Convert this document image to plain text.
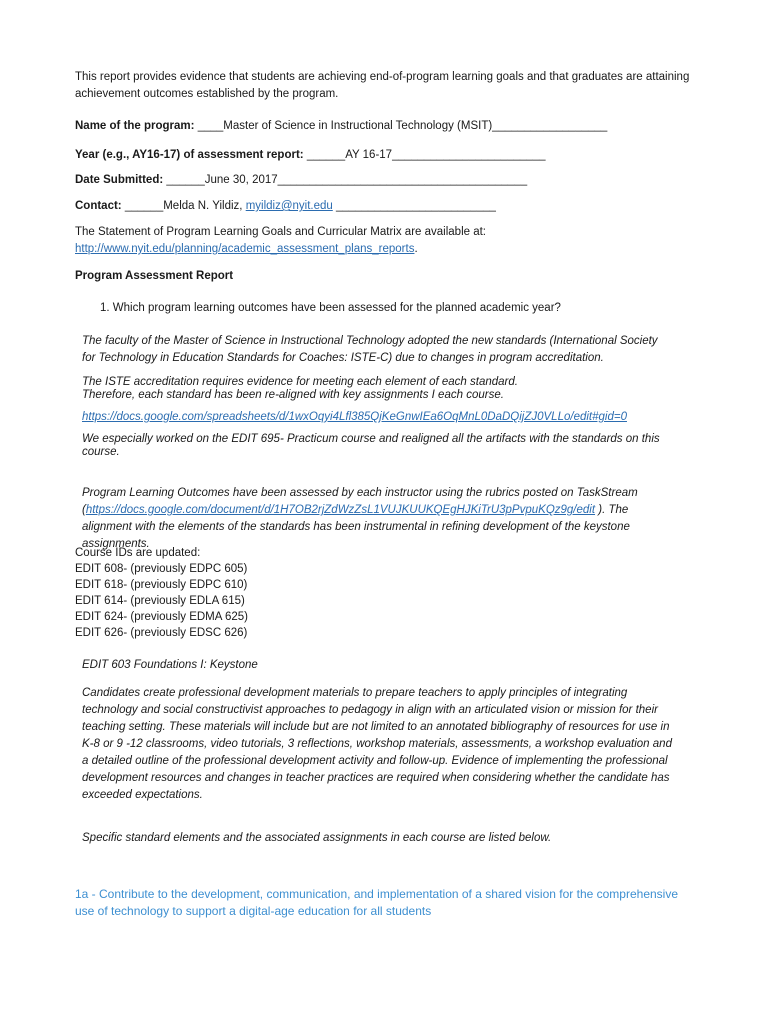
This report provides evidence that students are achieving end-of-program learning goals and that graduates are attaining achievement outcomes established by the program.
Name of the program: ____Master of Science in Instructional Technology (MSIT)__________________
Year (e.g., AY16-17) of assessment report: ______AY 16-17________________________
Date Submitted: ______June 30, 2017_______________________________________
Contact: ______Melda N. Yildiz, myildiz@nyit.edu _________________________
The Statement of Program Learning Goals and Curricular Matrix are available at:
http://www.nyit.edu/planning/academic_assessment_plans_reports.
Program Assessment Report
1. Which program learning outcomes have been assessed for the planned academic year?
The faculty of the Master of Science in Instructional Technology adopted the new standards (International Society for Technology in Education Standards for Coaches: ISTE-C) due to changes in program accreditation.
The ISTE accreditation requires evidence for meeting each element of each standard.
Therefore, each standard has been re-aligned with key assignments I each course.
https://docs.google.com/spreadsheets/d/1wxOqyi4Lfl385QjKeGnwIEa6OqMnL0DaDQijZJ0VLLo/edit#gid=0
We especially worked on the EDIT 695- Practicum course and realigned all the artifacts with the standards on this course.
Program Learning Outcomes have been assessed by each instructor using the rubrics posted on TaskStream (https://docs.google.com/document/d/1H7OB2rjZdWzZsL1VUJKUUKQEgHJKiTrU3pPvpuKQz9g/edit ). The alignment with the elements of the standards has been instrumental in refining development of the keystone assignments.
Course IDs are updated:
EDIT 608- (previously EDPC 605)
EDIT 618- (previously EDPC 610)
EDIT 614- (previously EDLA 615)
EDIT 624- (previously EDMA 625)
EDIT 626- (previously EDSC 626)
EDIT 603 Foundations I: Keystone
Candidates create professional development materials to prepare teachers to apply principles of integrating technology and social constructivist approaches to pedagogy in align with an articulated vision or mission for their teaching setting. These materials will include but are not limited to an annotated bibliography of resources for use in K-8 or 9 -12 classrooms, video tutorials, 3 reflections, workshop materials, assessments, a workshop evaluation and a detailed outline of the professional development activity and follow-up. Evidence of implementing the professional development resources and changes in teacher practices are required when considering whether the candidate has exceeded expectations.
Specific standard elements and the associated assignments in each course are listed below.
1a - Contribute to the development, communication, and implementation of a shared vision for the comprehensive use of technology to support a digital-age education for all students
